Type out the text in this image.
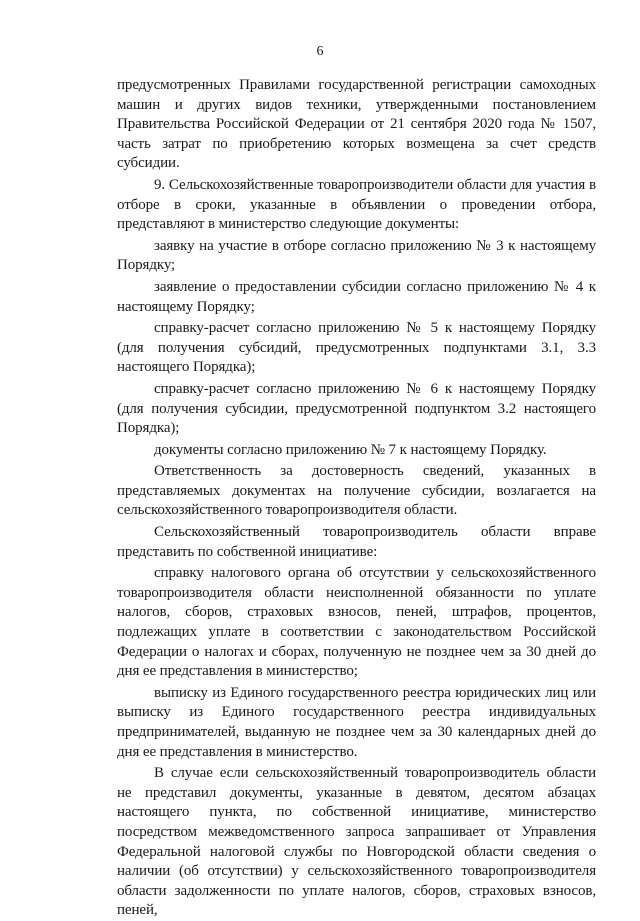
6

предусмотренных Правилами государственной регистрации самоходных машин и других видов техники, утвержденными постановлением Правительства Российской Федерации от 21 сентября 2020 года № 1507, часть затрат по приобретению которых возмещена за счет средств субсидии.

9. Сельскохозяйственные товаропроизводители области для участия в отборе в сроки, указанные в объявлении о проведении отбора, представляют в министерство следующие документы:

заявку на участие в отборе согласно приложению № 3 к настоящему Порядку;

заявление о предоставлении субсидии согласно приложению № 4 к настоящему Порядку;

справку-расчет согласно приложению № 5 к настоящему Порядку (для получения субсидий, предусмотренных подпунктами 3.1, 3.3 настоящего Порядка);

справку-расчет согласно приложению № 6 к настоящему Порядку (для получения субсидии, предусмотренной подпунктом 3.2 настоящего Порядка);

документы согласно приложению № 7 к настоящему Порядку.

Ответственность за достоверность сведений, указанных в представляемых документах на получение субсидии, возлагается на сельскохозяйственного товаропроизводителя области.

Сельскохозяйственный товаропроизводитель области вправе представить по собственной инициативе:

справку налогового органа об отсутствии у сельскохозяйственного товаропроизводителя области неисполненной обязанности по уплате налогов, сборов, страховых взносов, пеней, штрафов, процентов, подлежащих уплате в соответствии с законодательством Российской Федерации о налогах и сборах, полученную не позднее чем за 30 дней до дня ее представления в министерство;

выписку из Единого государственного реестра юридических лиц или выписку из Единого государственного реестра индивидуальных предпринимателей, выданную не позднее чем за 30 календарных дней до дня ее представления в министерство.

В случае если сельскохозяйственный товаропроизводитель области не представил документы, указанные в девятом, десятом абзацах настоящего пункта, по собственной инициативе, министерство посредством межведомственного запроса запрашивает от Управления Федеральной налоговой службы по Новгородской области сведения о наличии (об отсутствии) у сельскохозяйственного товаропроизводителя области задолженности по уплате налогов, сборов, страховых взносов, пеней,
